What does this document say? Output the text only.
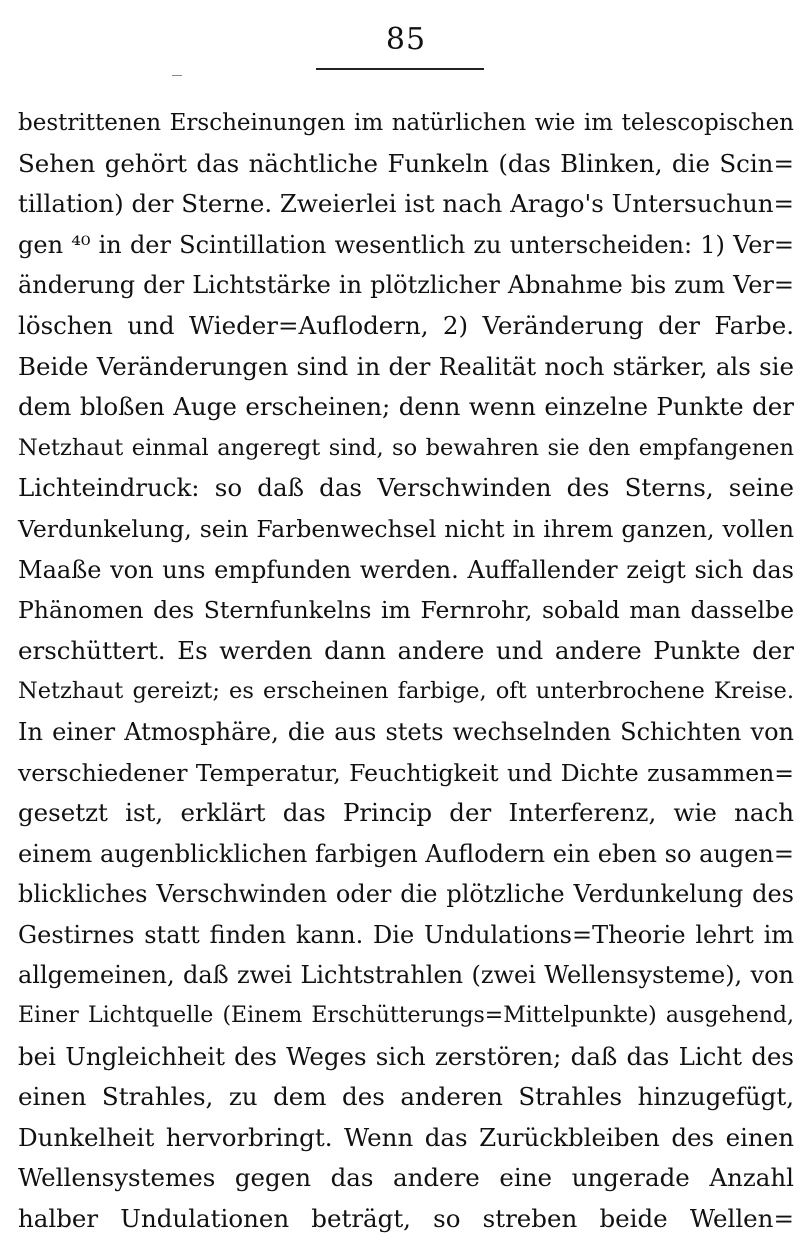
85
bestrittenen Erscheinungen im natürlichen wie im telescopischen
Sehen gehört das nächtliche Funkeln (das Blinken, die Scin=
tillation) der Sterne. Zweierlei ist nach Arago's Untersuchun=
gen ⁴⁰ in der Scintillation wesentlich zu unterscheiden: 1) Ver=
änderung der Lichtstärke in plötzlicher Abnahme bis zum Ver=
löschen und Wieder=Auflodern, 2) Veränderung der Farbe.
Beide Veränderungen sind in der Realität noch stärker, als sie
dem bloßen Auge erscheinen; denn wenn einzelne Punkte der
Netzhaut einmal angeregt sind, so bewahren sie den empfangenen
Lichteindruck: so daß das Verschwinden des Sterns, seine
Verdunkelung, sein Farbenwechsel nicht in ihrem ganzen, vollen
Maaße von uns empfunden werden. Auffallender zeigt sich das
Phänomen des Sternfunkelns im Fernrohr, sobald man dasselbe
erschüttert. Es werden dann andere und andere Punkte der
Netzhaut gereizt; es erscheinen farbige, oft unterbrochene Kreise.
In einer Atmosphäre, die aus stets wechselnden Schichten von
verschiedener Temperatur, Feuchtigkeit und Dichte zusammen=
gesetzt ist, erklärt das Princip der Interferenz, wie nach
einem augenblicklichen farbigen Auflodern ein eben so augen=
blickliches Verschwinden oder die plötzliche Verdunkelung des
Gestirnes statt finden kann. Die Undulations=Theorie lehrt im
allgemeinen, daß zwei Lichtstrahlen (zwei Wellensysteme), von
Einer Lichtquelle (Einem Erschütterungs=Mittelpunkte) ausgehend,
bei Ungleichheit des Weges sich zerstören; daß das Licht des
einen Strahles, zu dem des anderen Strahles hinzugefügt,
Dunkelheit hervorbringt. Wenn das Zurückbleiben des einen
Wellensystemes gegen das andere eine ungerade Anzahl
halber Undulationen beträgt, so streben beide Wellen=
